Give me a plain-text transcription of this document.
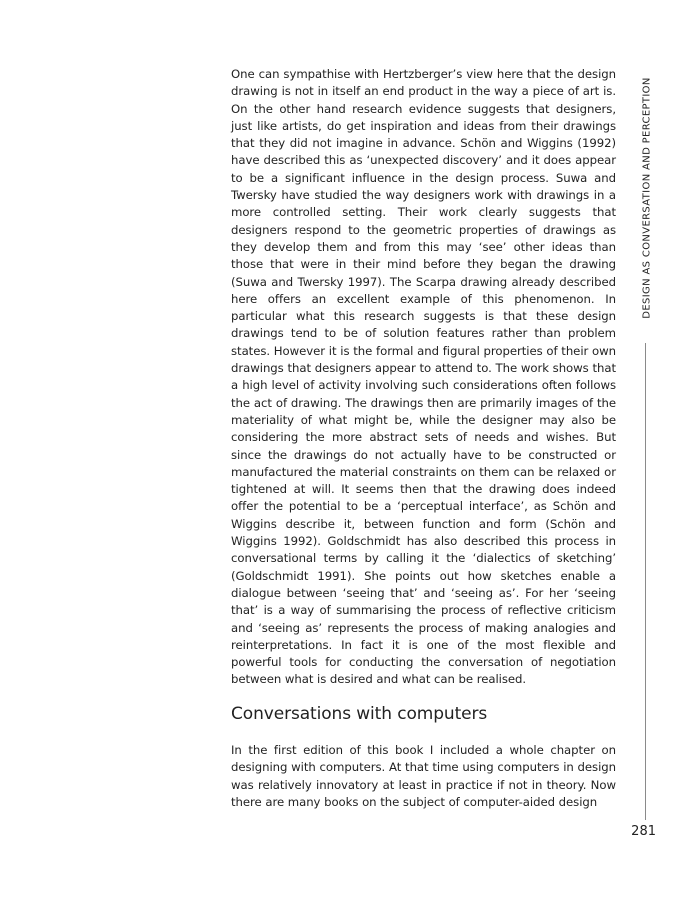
One can sympathise with Hertzberger’s view here that the design drawing is not in itself an end product in the way a piece of art is. On the other hand research evidence suggests that designers, just like artists, do get inspiration and ideas from their drawings that they did not imagine in advance. Schön and Wiggins (1992) have described this as ‘unexpected discovery’ and it does appear to be a significant influence in the design process. Suwa and Twersky have studied the way designers work with drawings in a more controlled setting. Their work clearly suggests that designers respond to the geometric properties of drawings as they develop them and from this may ‘see’ other ideas than those that were in their mind before they began the drawing (Suwa and Twersky 1997). The Scarpa drawing already described here offers an excellent example of this phenomenon. In particular what this research suggests is that these design drawings tend to be of solution features rather than problem states. However it is the formal and figural properties of their own drawings that designers appear to attend to. The work shows that a high level of activity involving such considerations often follows the act of drawing. The drawings then are primarily images of the materiality of what might be, while the designer may also be considering the more abstract sets of needs and wishes. But since the drawings do not actually have to be constructed or manufactured the material constraints on them can be relaxed or tightened at will. It seems then that the drawing does indeed offer the potential to be a ‘perceptual interface’, as Schön and Wiggins describe it, between function and form (Schön and Wiggins 1992). Goldschmidt has also described this process in conversational terms by calling it the ‘dialectics of sketching’ (Goldschmidt 1991). She points out how sketches enable a dialogue between ‘seeing that’ and ‘seeing as’. For her ‘seeing that’ is a way of summarising the process of reflective criticism and ‘seeing as’ represents the process of making analogies and reinterpretations. In fact it is one of the most flexible and powerful tools for conducting the conversation of negotiation between what is desired and what can be realised.

Conversations with computers

In the first edition of this book I included a whole chapter on designing with computers. At that time using computers in design was relatively innovatory at least in practice if not in theory. Now there are many books on the subject of computer-aided design

DESIGN AS CONVERSATION AND PERCEPTION
281
